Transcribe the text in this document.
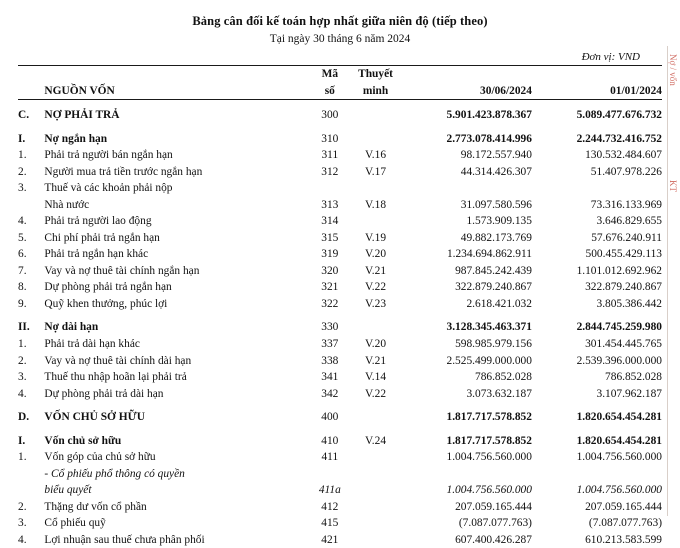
Bảng cân đối kế toán hợp nhất giữa niên độ (tiếp theo)
Tại ngày 30 tháng 6 năm 2024
Đơn vị: VND
	NGUỒN VỐN	
Mã
số

Thuyết
minh	30/06/2024	01/01/2024

C.	NỢ PHẢI TRẢ	300		5.901.423.878.367	5.089.477.676.732

I.	Nợ ngắn hạn	310		2.773.078.414.996	2.244.732.416.752
1.	Phải trả người bán ngắn hạn	311	V.16	98.172.557.940	130.532.484.607
2.	Người mua trả tiền trước ngắn hạn	312	V.17	44.314.426.307	51.407.978.226
3.	Thuế và các khoản phải nộp				
	Nhà nước	313	V.18	31.097.580.596	73.316.133.969
4.	Phải trả người lao động	314		1.573.909.135	3.646.829.655
5.	Chi phí phải trả ngắn hạn	315	V.19	49.882.173.769	57.676.240.911
6.	Phải trả ngắn hạn khác	319	V.20	1.234.694.862.911	500.455.429.113
7.	Vay và nợ thuê tài chính ngắn hạn	320	V.21	987.845.242.439	1.101.012.692.962
8.	Dự phòng phải trả ngắn hạn	321	V.22	322.879.240.867	322.879.240.867
9.	Quỹ khen thưởng, phúc lợi	322	V.23	2.618.421.032	3.805.386.442

II.	Nợ dài hạn	330		3.128.345.463.371	2.844.745.259.980
1.	Phải trả dài hạn khác	337	V.20	598.985.979.156	301.454.445.765
2.	Vay và nợ thuê tài chính dài hạn	338	V.21	2.525.499.000.000	2.539.396.000.000
3.	Thuế thu nhập hoãn lại phải trả	341	V.14	786.852.028	786.852.028
4.	Dự phòng phải trả dài hạn	342	V.22	3.073.632.187	3.107.962.187

D.	VỐN CHỦ SỞ HỮU	400		1.817.717.578.852	1.820.654.454.281

I.	Vốn chủ sở hữu	410	V.24	1.817.717.578.852	1.820.654.454.281
1.	Vốn góp của chủ sở hữu	411		1.004.756.560.000	1.004.756.560.000
	- Cổ phiếu phổ thông có quyền				
	biểu quyết	411a		1.004.756.560.000	1.004.756.560.000
2.	Thặng dư vốn cổ phần	412		207.059.165.444	207.059.165.444
3.	Cổ phiếu quỹ	415		(7.087.077.763)	(7.087.077.763)
4.	Lợi nhuận sau thuế chưa phân phối	421		607.400.426.287	610.213.583.599
Nợ / vốn
KT
